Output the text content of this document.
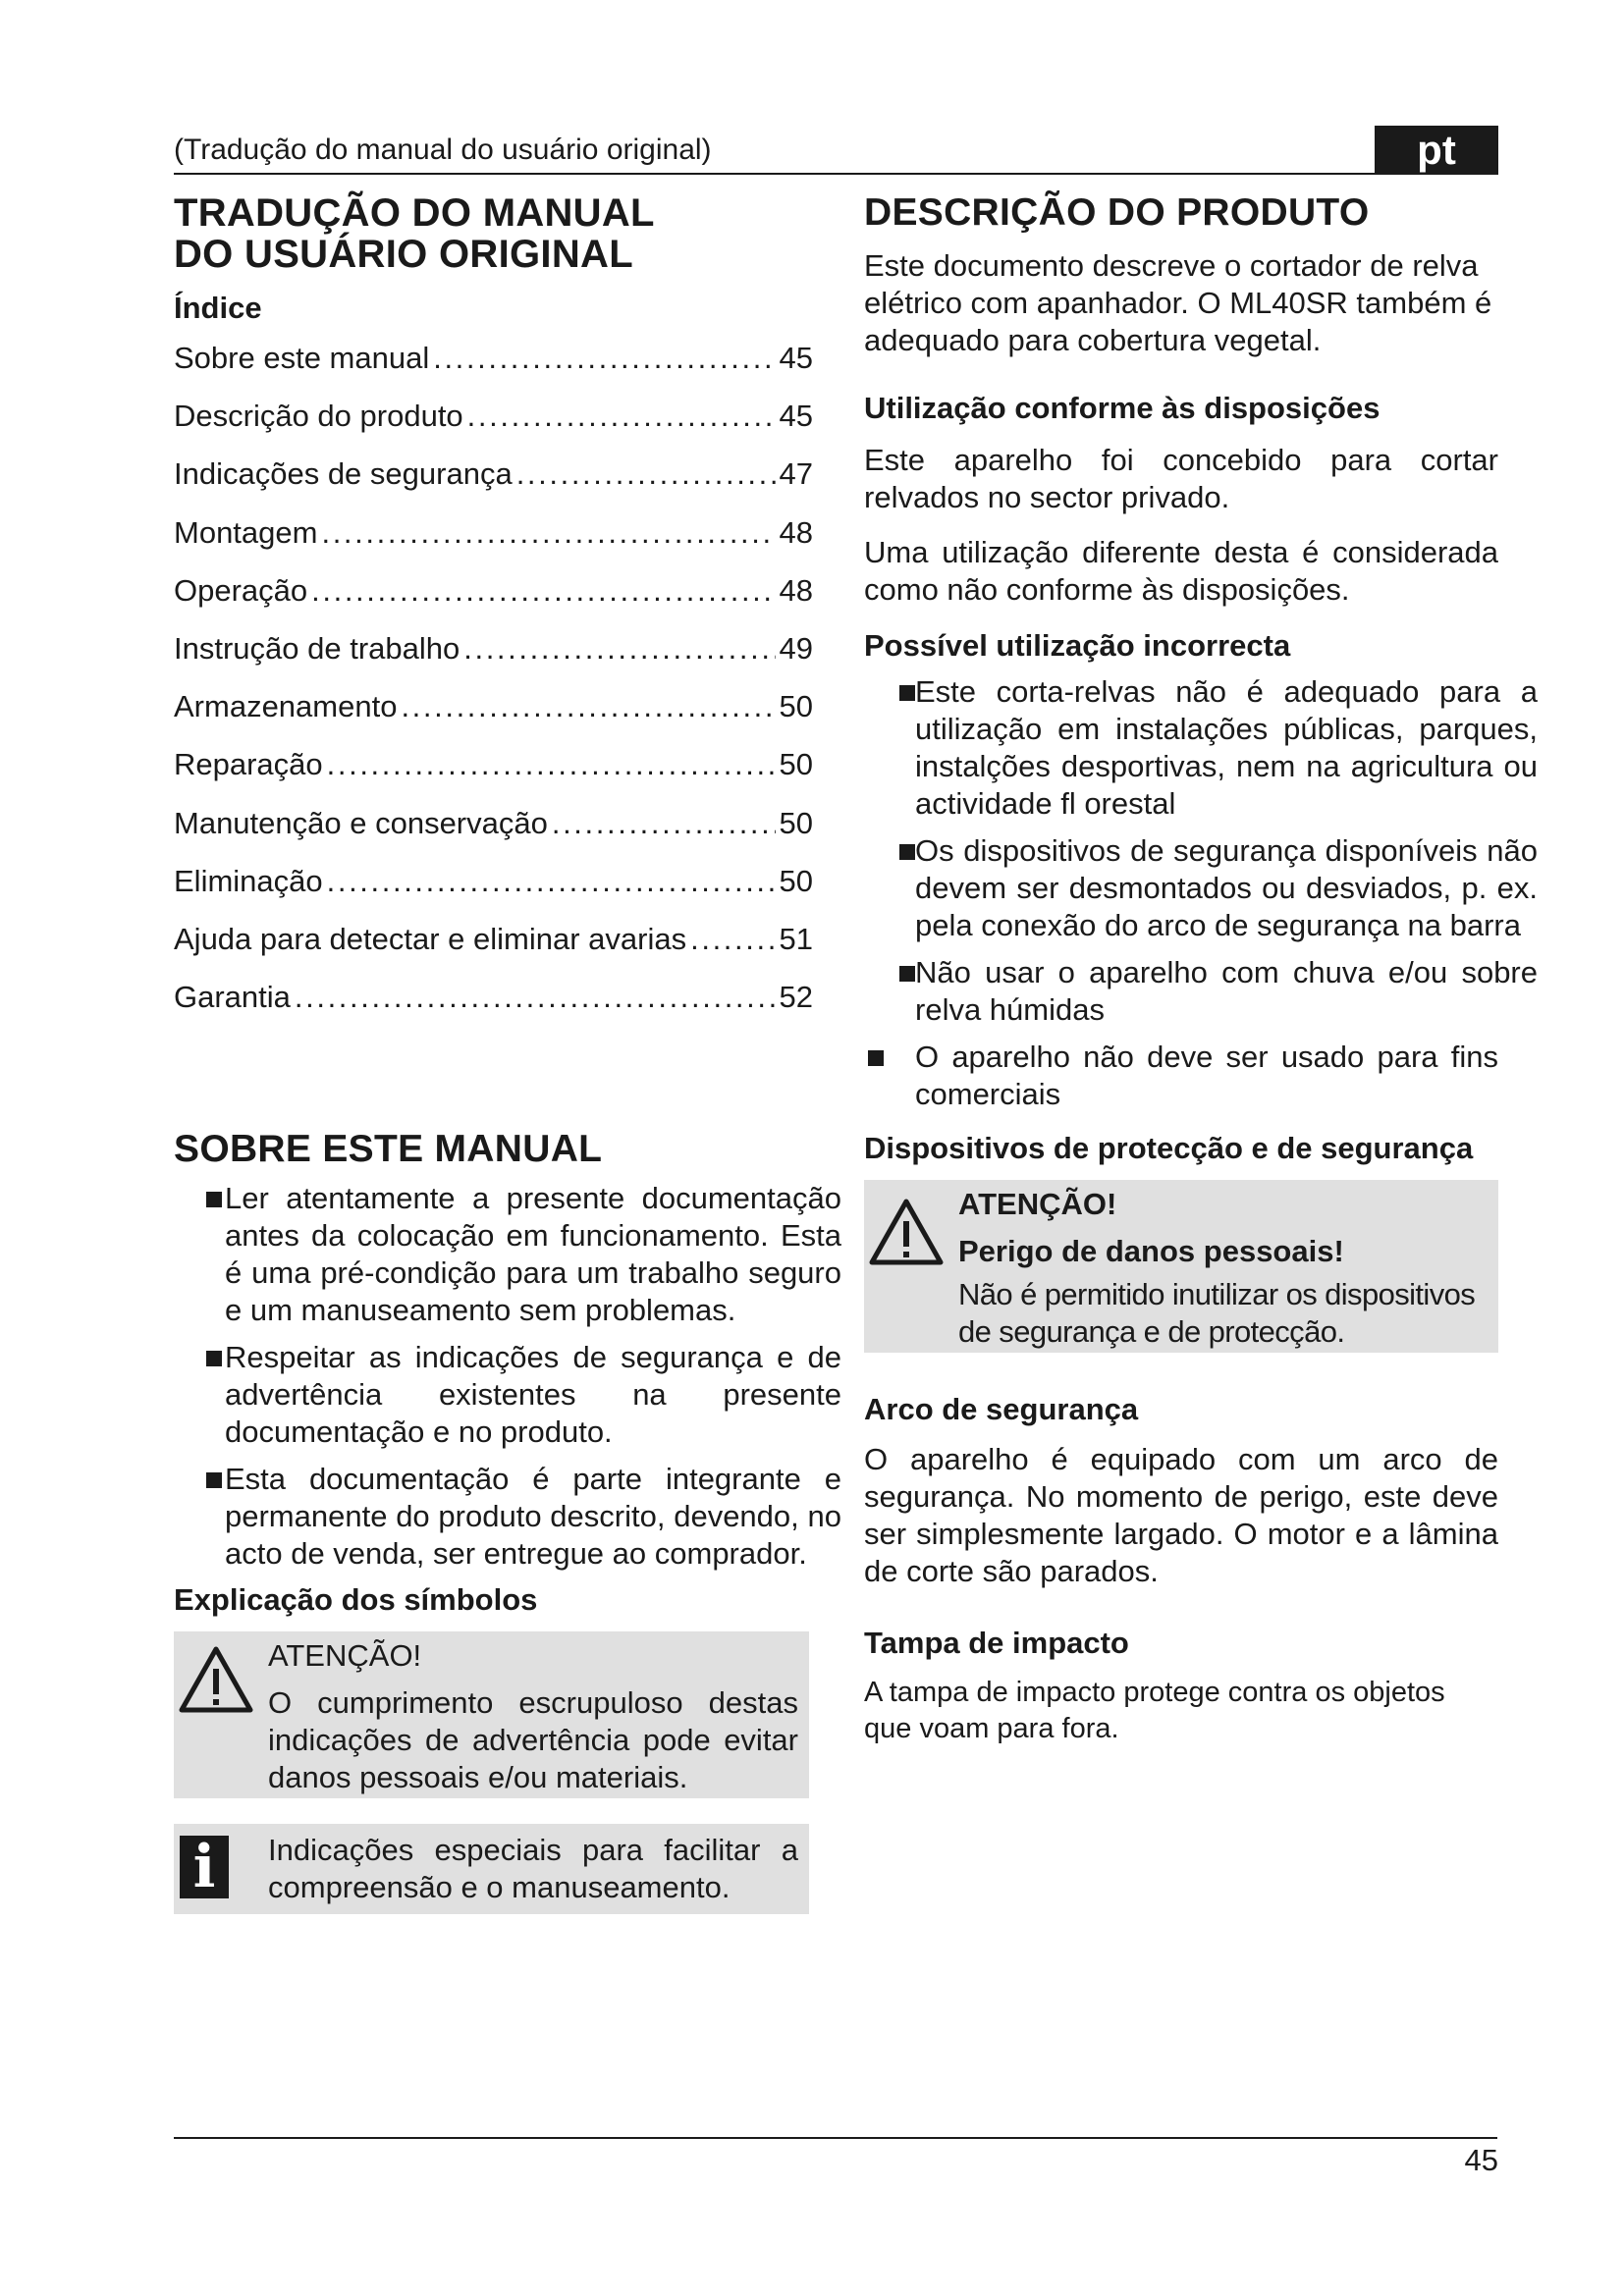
(Tradução do manual do usuário original)	pt
TRADUÇÃO DO MANUAL DO USUÁRIO ORIGINAL
Índice
Sobre este manual . . .	45
Descrição do produto . . .	45
Indicações de segurança . . .	47
Montagem . . .	48
Operação . . .	48
Instrução de trabalho . . .	49
Armazenamento . . .	50
Reparação . . .	50
Manutenção e conservação . . .	50
Eliminação . . .	50
Ajuda para detectar e eliminar avarias . . .	51
Garantia . . .	52
SOBRE ESTE MANUAL
Ler atentamente a presente documentação antes da colocação em funcionamento. Esta é uma pré-condição para um trabalho seguro e um manuseamento sem problemas.
Respeitar as indicações de segurança e de advertência existentes na presente documentação e no produto.
Esta documentação é parte integrante e permanente do produto descrito, devendo, no acto de venda, ser entregue ao comprador.
Explicação dos símbolos
ATENÇÃO!

O cumprimento escrupuloso destas indicações de advertência pode evitar danos pessoais e/ou materiais.

i	Indicações especiais para facilitar a compreensão e o manuseamento.

DESCRIÇÃO DO PRODUTO

Este documento descreve o cortador de relva elétrico com apanhador. O ML40SR também é adequado para cobertura vegetal.

Utilização conforme às disposições

Este aparelho foi concebido para cortar relvados no sector privado.

Uma utilização diferente desta é considerada como não conforme às disposições.

Possível utilização incorrecta
Este corta-relvas não é adequado para a utilização em instalações públicas, parques, instalções desportivas, nem na agricultura ou actividade fl orestal
Os dispositivos de segurança disponíveis não devem ser desmontados ou desviados, p. ex. pela conexão do arco de segurança na barra
Não usar o aparelho com chuva e/ou sobre relva húmidas

O aparelho não deve ser usado para fins comerciais

Dispositivos de protecção e de segurança
ATENÇÃO!
Perigo de danos pessoais!

Não é permitido inutilizar os dispositivos de segurança e de protecção.

Arco de segurança

O aparelho é equipado com um arco de segurança. No momento de perigo, este deve ser simplesmente largado. O motor e a lâmina de corte são parados.

Tampa de impacto

A tampa de impacto protege contra os objetos que voam para fora.

45
